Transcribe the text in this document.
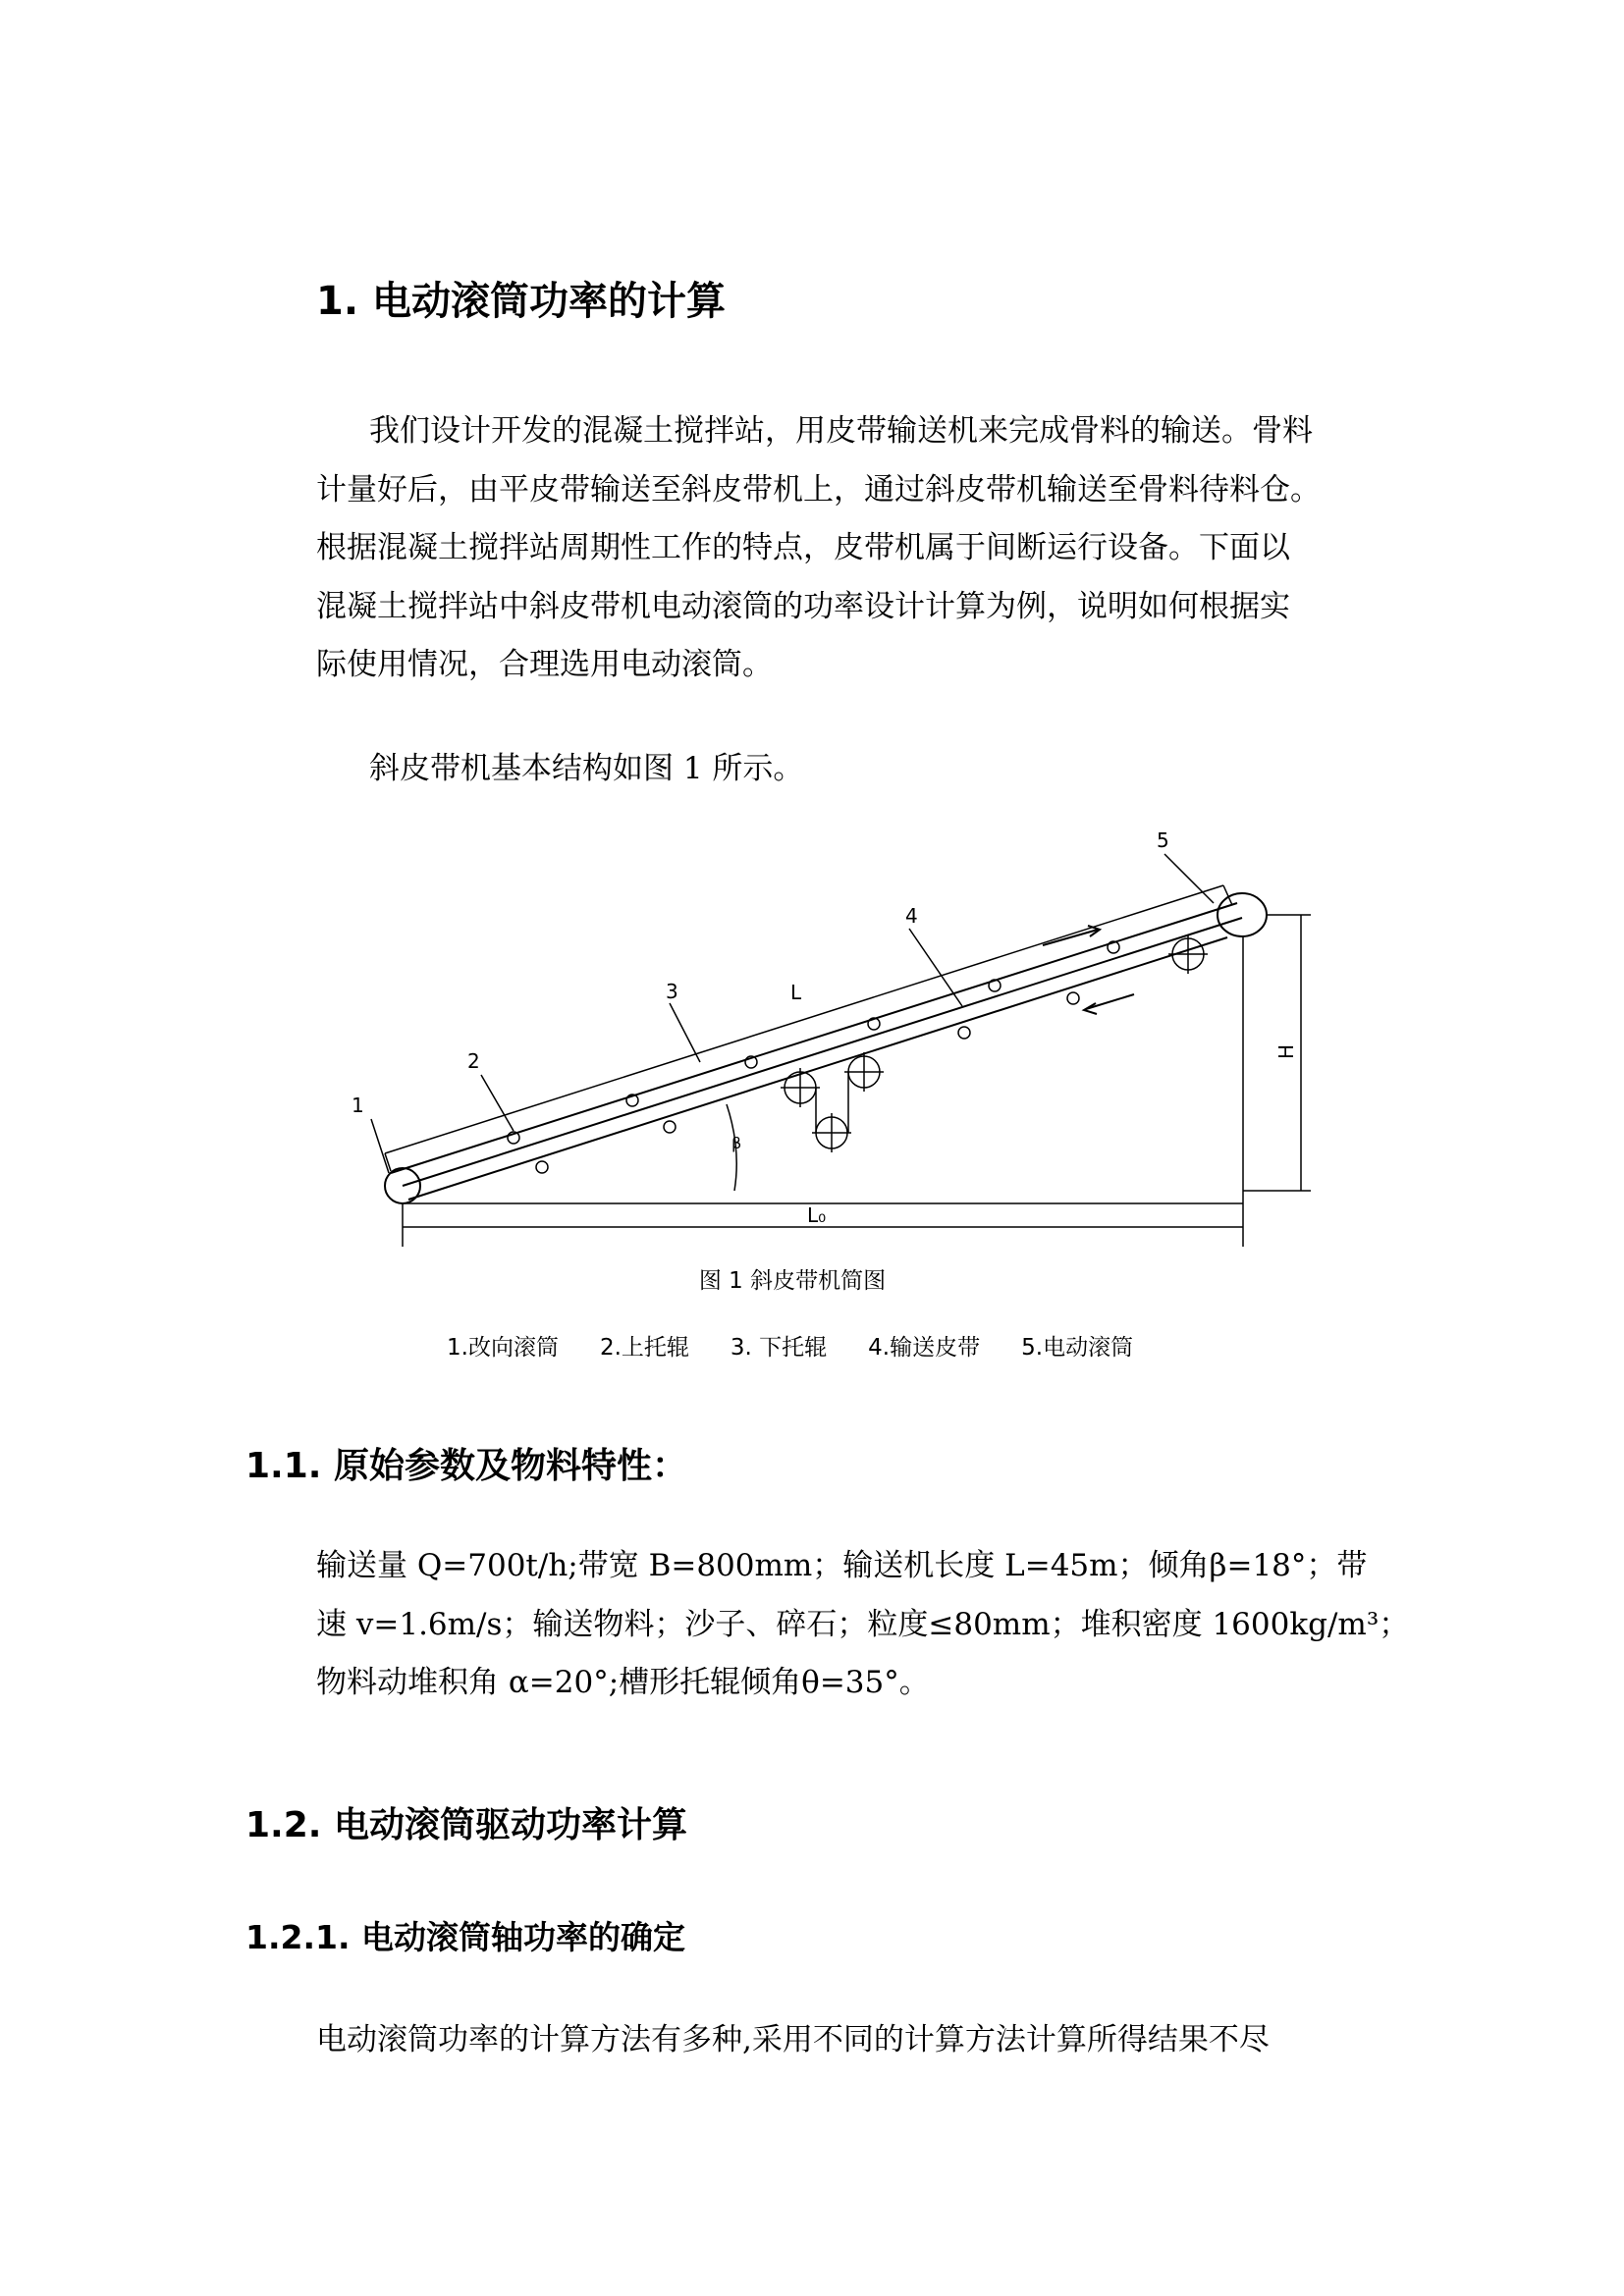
1. 电动滚筒功率的计算
我们设计开发的混凝土搅拌站，用皮带输送机来完成骨料的输送。骨料
计量好后，由平皮带输送至斜皮带机上，通过斜皮带机输送至骨料待料仓。
根据混凝土搅拌站周期性工作的特点，皮带机属于间断运行设备。下面以
混凝土搅拌站中斜皮带机电动滚筒的功率设计计算为例，说明如何根据实
际使用情况，合理选用电动滚筒。
斜皮带机基本结构如图 1 所示。
1
2
3
4
5
L
H
β
L₀
图 1 斜皮带机简图
1.改向滚筒 2.上托辊 3. 下托辊 4.输送皮带 5.电动滚筒
1.1. 原始参数及物料特性：
输送量 Q=700t/h;带宽 B=800mm；输送机长度 L=45m；倾角β=18°；带
速 v=1.6m/s；输送物料；沙子、碎石；粒度≤80mm；堆积密度 1600kg/m³；
物料动堆积角 α=20°;槽形托辊倾角θ=35°。
1.2. 电动滚筒驱动功率计算
1.2.1. 电动滚筒轴功率的确定
电动滚筒功率的计算方法有多种,采用不同的计算方法计算所得结果不尽
